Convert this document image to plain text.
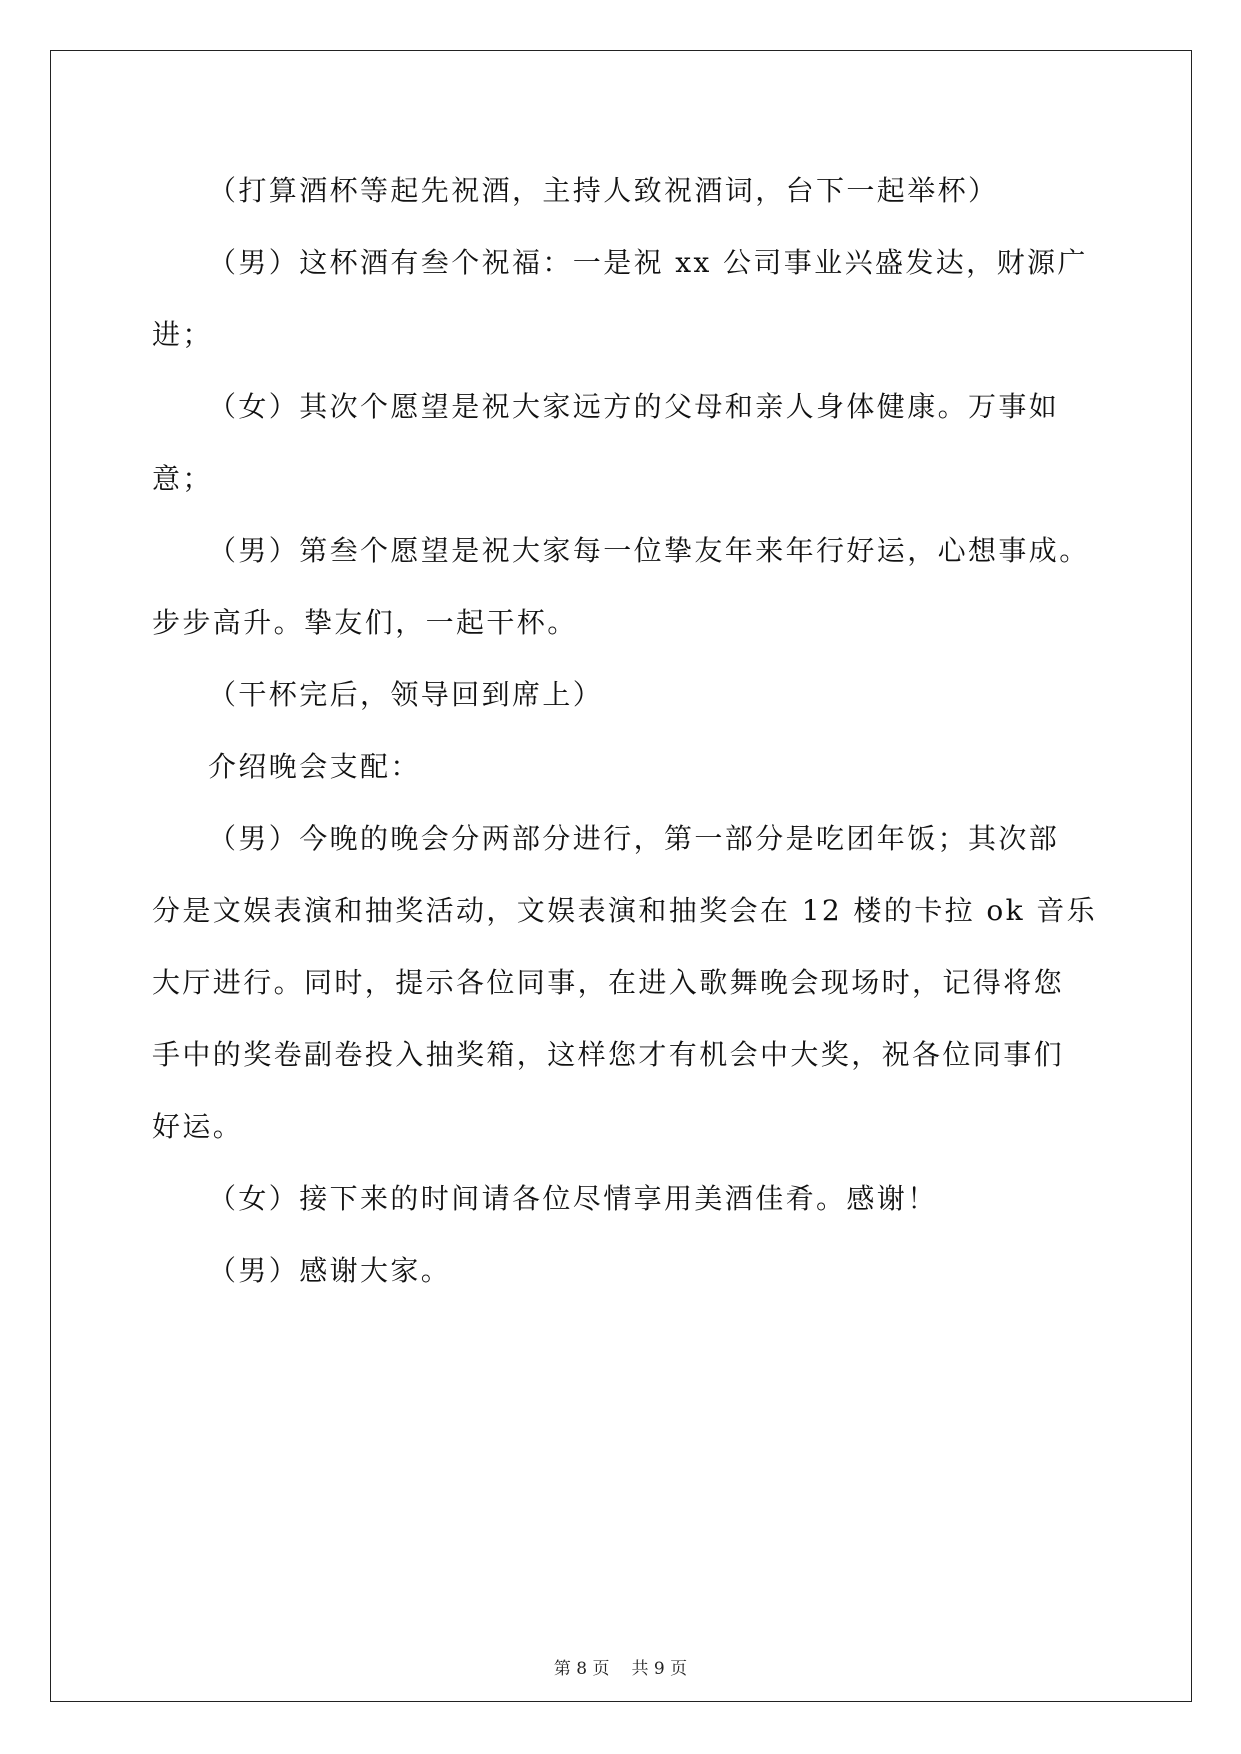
（打算酒杯等起先祝酒，主持人致祝酒词，台下一起举杯）
（男）这杯酒有叁个祝福：一是祝 xx 公司事业兴盛发达，财源广
进；
（女）其次个愿望是祝大家远方的父母和亲人身体健康。万事如
意；
（男）第叁个愿望是祝大家每一位挚友年来年行好运，心想事成。
步步高升。挚友们，一起干杯。
（干杯完后，领导回到席上）
介绍晚会支配：
（男）今晚的晚会分两部分进行，第一部分是吃团年饭；其次部
分是文娱表演和抽奖活动，文娱表演和抽奖会在 12 楼的卡拉 ok 音乐
大厅进行。同时，提示各位同事，在进入歌舞晚会现场时，记得将您
手中的奖卷副卷投入抽奖箱，这样您才有机会中大奖，祝各位同事们
好运。
（女）接下来的时间请各位尽情享用美酒佳肴。感谢！
（男）感谢大家。
第 8 页 共 9 页
